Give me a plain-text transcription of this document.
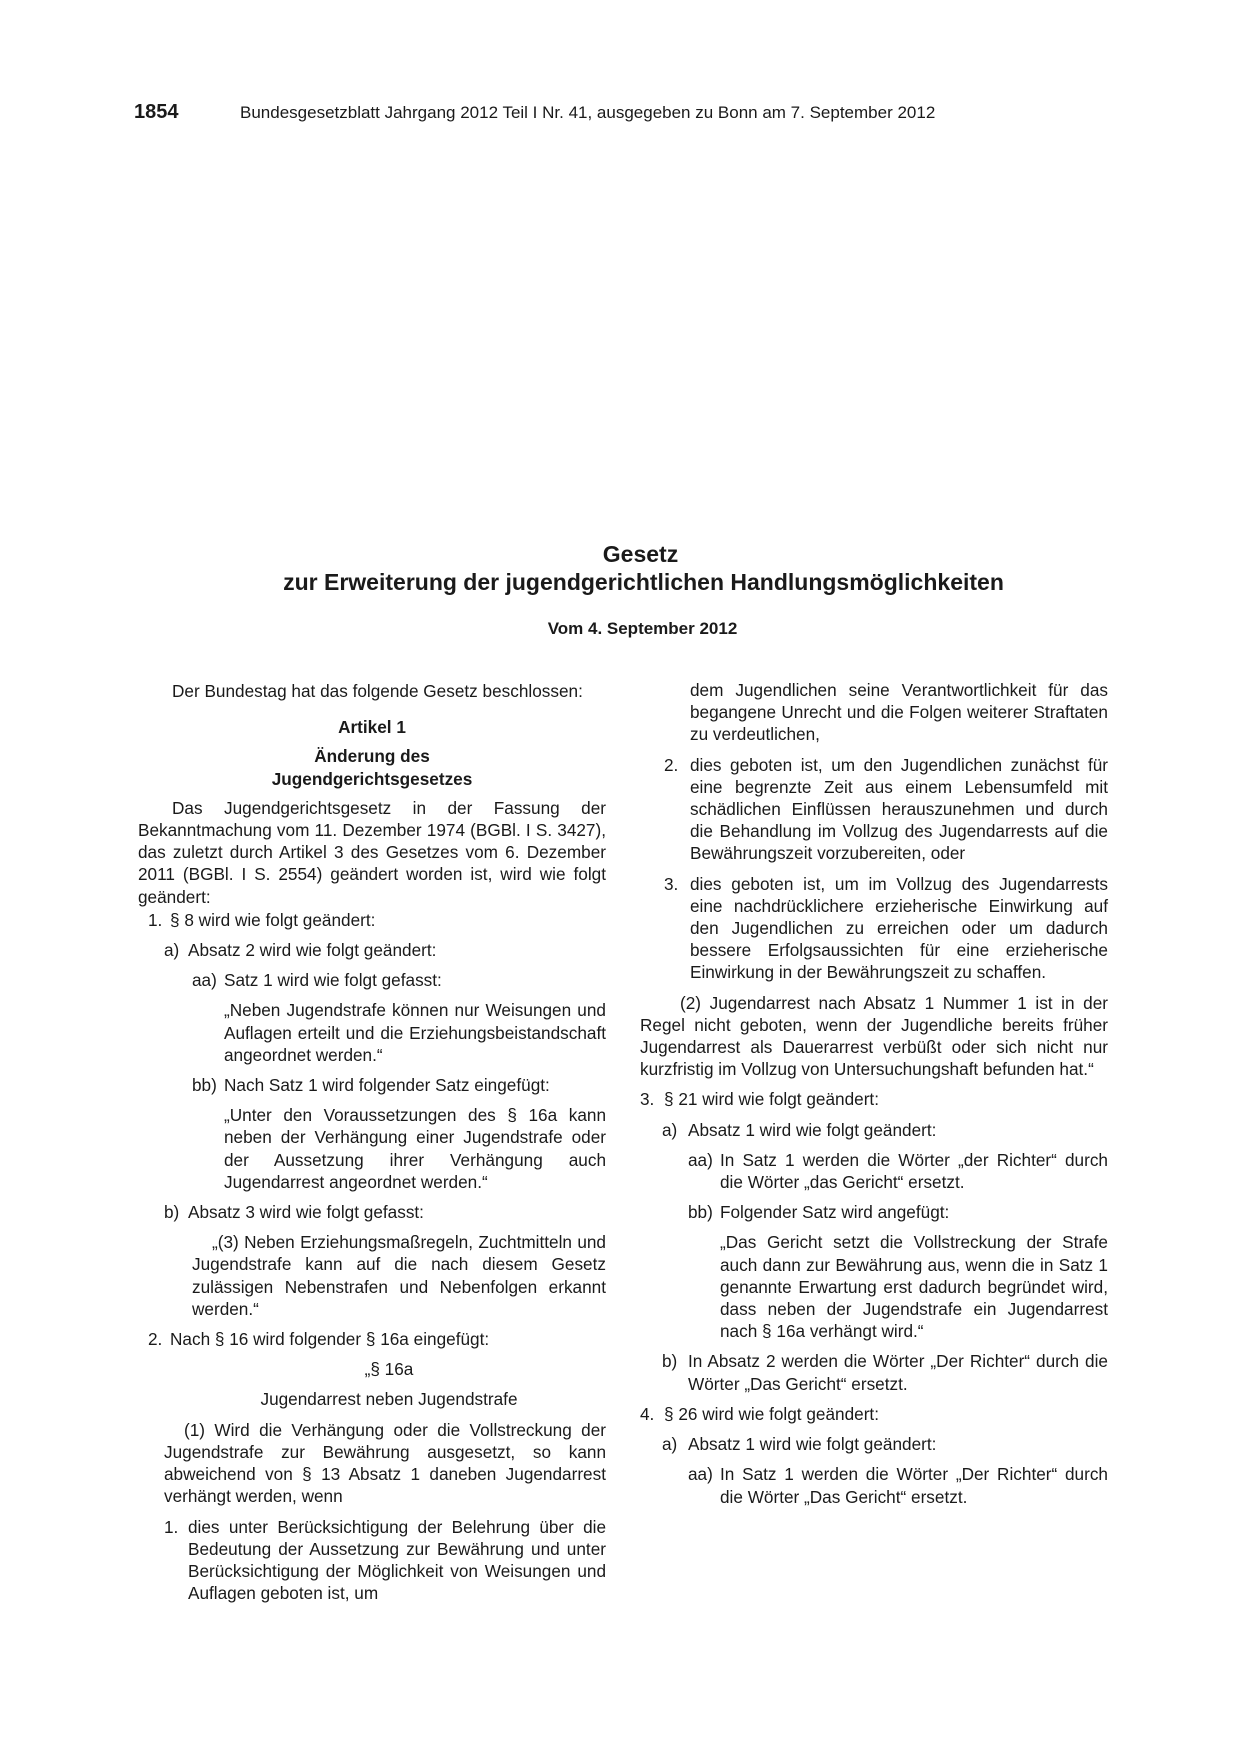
1854	Bundesgesetzblatt Jahrgang 2012 Teil I Nr. 41, ausgegeben zu Bonn am 7. September 2012
Gesetz
zur Erweiterung der jugendgerichtlichen Handlungsmöglichkeiten
Vom 4. September 2012

Der Bundestag hat das folgende Gesetz beschlossen:

Artikel 1

Änderung des

Jugendgerichtsgesetzes

Das Jugendgerichtsgesetz in der Fassung der Bekanntmachung vom 11. Dezember 1974 (BGBl. I S. 3427), das zuletzt durch Artikel 3 des Gesetzes vom 6. Dezember 2011 (BGBl. I S. 2554) geändert worden ist, wird wie folgt geändert:

1. § 8 wird wie folgt geändert:
a) Absatz 2 wird wie folgt geändert:
aa) Satz 1 wird wie folgt gefasst:

„Neben Jugendstrafe können nur Weisungen und Auflagen erteilt und die Erziehungsbeistandschaft angeordnet werden.“

bb) Nach Satz 1 wird folgender Satz eingefügt:

„Unter den Voraussetzungen des § 16a kann neben der Verhängung einer Jugendstrafe oder der Aussetzung ihrer Verhängung auch Jugendarrest angeordnet werden.“

b) Absatz 3 wird wie folgt gefasst:

„(3) Neben Erziehungsmaßregeln, Zuchtmitteln und Jugendstrafe kann auf die nach diesem Gesetz zulässigen Nebenstrafen und Nebenfolgen erkannt werden.“

2. Nach § 16 wird folgender § 16a eingefügt:

„§ 16a

Jugendarrest neben Jugendstrafe

(1) Wird die Verhängung oder die Vollstreckung der Jugendstrafe zur Bewährung ausgesetzt, so kann abweichend von § 13 Absatz 1 daneben Jugendarrest verhängt werden, wenn

1. dies unter Berücksichtigung der Belehrung über die Bedeutung der Aussetzung zur Bewährung und unter Berücksichtigung der Möglichkeit von Weisungen und Auflagen geboten ist, um

dem Jugendlichen seine Verantwortlichkeit für das begangene Unrecht und die Folgen weiterer Straftaten zu verdeutlichen,

2. dies geboten ist, um den Jugendlichen zunächst für eine begrenzte Zeit aus einem Lebensumfeld mit schädlichen Einflüssen herauszunehmen und durch die Behandlung im Vollzug des Jugendarrests auf die Bewährungszeit vorzubereiten, oder
3. dies geboten ist, um im Vollzug des Jugendarrests eine nachdrücklichere erzieherische Einwirkung auf den Jugendlichen zu erreichen oder um dadurch bessere Erfolgsaussichten für eine erzieherische Einwirkung in der Bewährungszeit zu schaffen.

(2) Jugendarrest nach Absatz 1 Nummer 1 ist in der Regel nicht geboten, wenn der Jugendliche bereits früher Jugendarrest als Dauerarrest verbüßt oder sich nicht nur kurzfristig im Vollzug von Untersuchungshaft befunden hat.“

3. § 21 wird wie folgt geändert:
a) Absatz 1 wird wie folgt geändert:
aa) In Satz 1 werden die Wörter „der Richter“ durch die Wörter „das Gericht“ ersetzt.
bb) Folgender Satz wird angefügt:

„Das Gericht setzt die Vollstreckung der Strafe auch dann zur Bewährung aus, wenn die in Satz 1 genannte Erwartung erst dadurch begründet wird, dass neben der Jugendstrafe ein Jugendarrest nach § 16a verhängt wird.“

b) In Absatz 2 werden die Wörter „Der Richter“ durch die Wörter „Das Gericht“ ersetzt.
4. § 26 wird wie folgt geändert:
a) Absatz 1 wird wie folgt geändert:
aa) In Satz 1 werden die Wörter „Der Richter“ durch die Wörter „Das Gericht“ ersetzt.
